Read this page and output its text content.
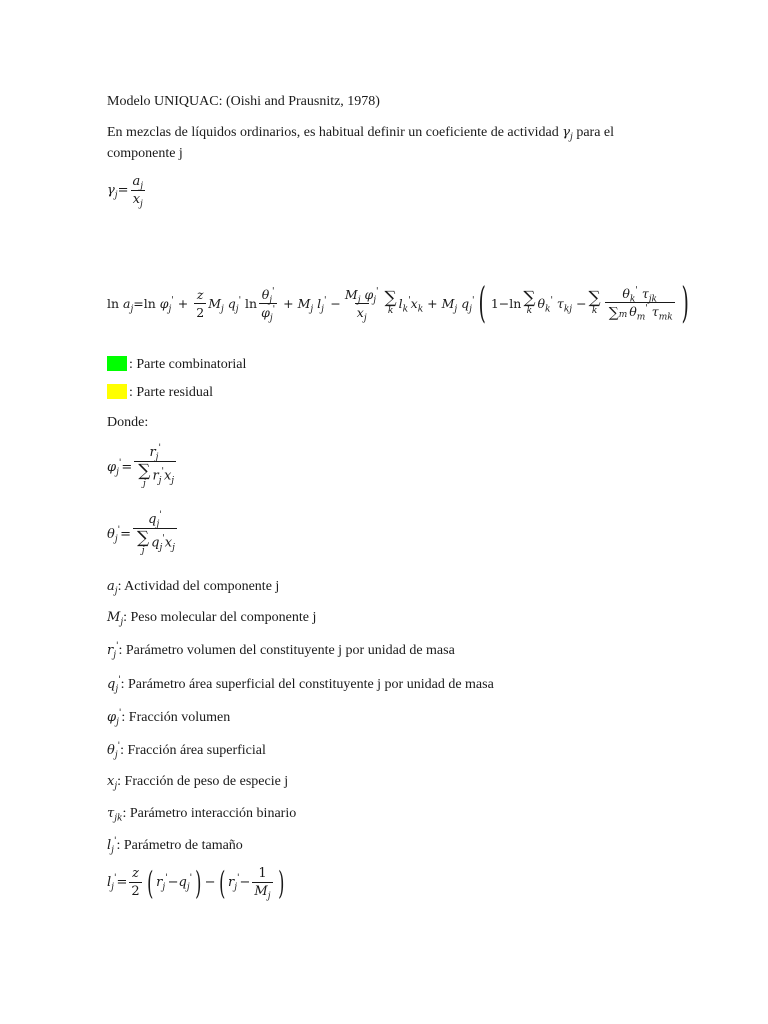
Modelo UNIQUAC: (Oishi and Prausnitz, 1978)
En mezclas de líquidos ordinarios, es habitual definir un coeficiente de actividad $\gamma_j$ para el
componente j
$\gamma_j = \frac{a_j}{x_j}$
$\ln a_j =\ln$ $\varphi_j' + \frac{z}{2} M_j$ $q_j'$ $\ln \frac{\theta_j'}{\varphi_j'} + M_j$ $l_j' - \frac{M_j \varphi_j'}{x_j}$ ∑
k
$l_k'x_k + M_j$ $q_j'$ ( 1−ln ∑
k
$\theta_k'$ $\tau_{kj}$ − ∑
k $\frac{\theta_k' \tau_{jk}}{\sum m \theta_m' \tau_{mk}}$ )
: Parte combinatorial
: Parte residual
Donde:
$\varphi_j' = r_j'$
∑
j
$r_j'x_j$
$\theta_j' = q_j'$
∑
j
$q_j'x_j$
$a_j$: Actividad del componente j
$M_j$: Peso molecular del componente j
$r_j'$: Parámetro volumen del constituyente j por unidad de masa
$q_j'$: Parámetro área superficial del constituyente j por unidad de masa
$\varphi_j'$: Fracción volumen
$\theta_j'$: Fracción área superficial
$x_j$: Fracción de peso de especie j
$\tau_{jk}$: Parámetro interacción binario
$l_j'$: Parámetro de tamaño
$l_j' = \frac{z}{2}$ ( $r_j' - q_j'$ ) − ( $r_j' - \frac{1}{M_j}$ )
